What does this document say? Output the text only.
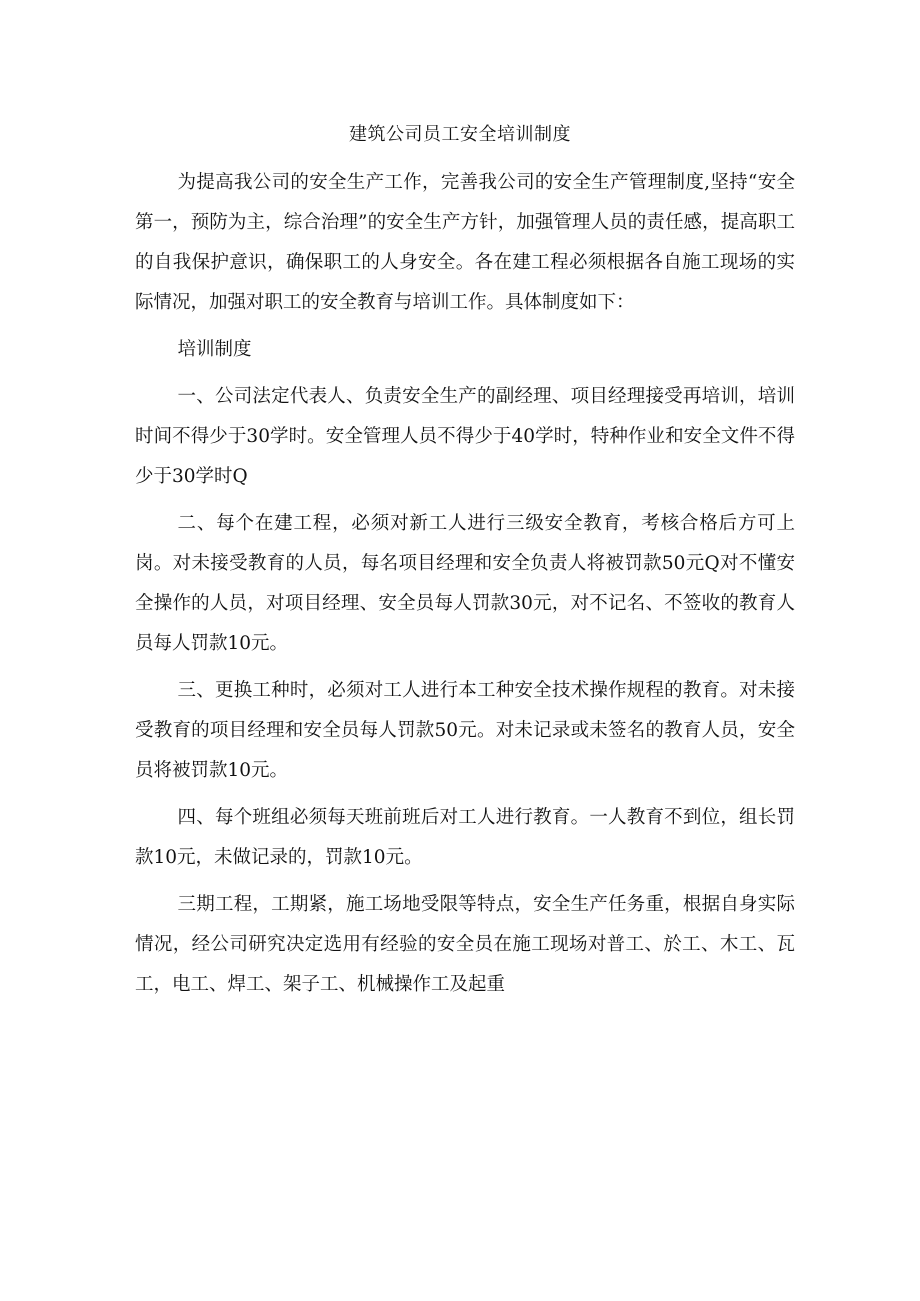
建筑公司员工安全培训制度

为提高我公司的安全生产工作，完善我公司的安全生产管理制度,坚持“安全第一，预防为主，综合治理”的安全生产方针，加强管理人员的责任感，提高职工的自我保护意识，确保职工的人身安全。各在建工程必须根据各自施工现场的实际情况，加强对职工的安全教育与培训工作。具体制度如下：

培训制度

一、公司法定代表人、负责安全生产的副经理、项目经理接受再培训，培训时间不得少于30学时。安全管理人员不得少于40学时，特种作业和安全文件不得少于30学时Q

二、每个在建工程，必须对新工人进行三级安全教育，考核合格后方可上岗。对未接受教育的人员，每名项目经理和安全负责人将被罚款50元Q对不懂安全操作的人员，对项目经理、安全员每人罚款30元，对不记名、不签收的教育人员每人罚款10元。

三、更换工种时，必须对工人进行本工种安全技术操作规程的教育。对未接受教育的项目经理和安全员每人罚款50元。对未记录或未签名的教育人员，安全员将被罚款10元。

四、每个班组必须每天班前班后对工人进行教育。一人教育不到位，组长罚款10元，未做记录的，罚款10元。

三期工程，工期紧，施工场地受限等特点，安全生产任务重，根据自身实际情况，经公司研究决定选用有经验的安全员在施工现场对普工、於工、木工、瓦工，电工、焊工、架子工、机械操作工及起重
